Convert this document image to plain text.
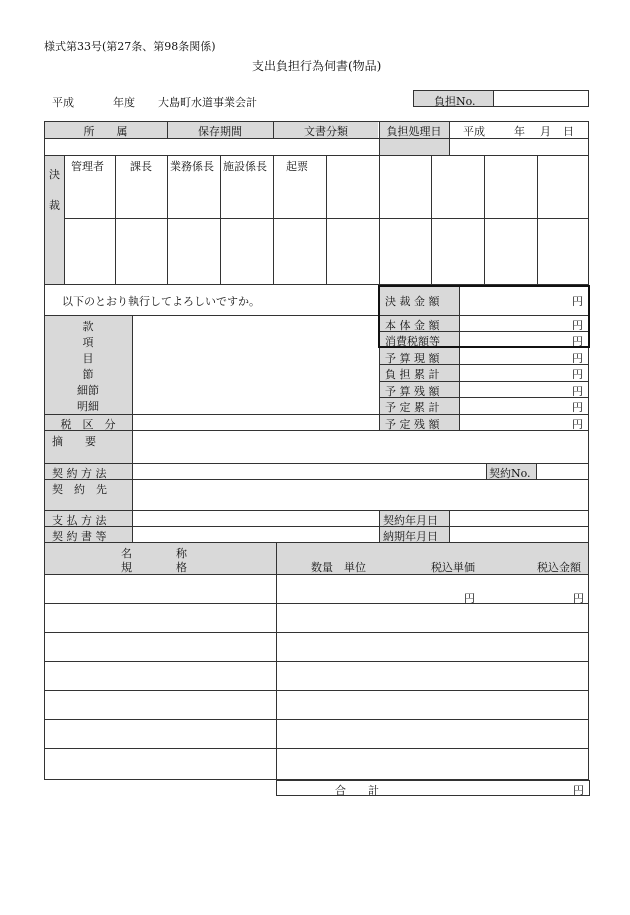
様式第33号(第27条、第98条関係)
支出負担行為伺書(物品)
平成	年度 大島町水道事業会計	負担No.
所　　属	保存期間	文書分類	負担処理日	平成	年 月 日
決
裁
管理者 課長 業務係長 施設係長 起票
以下のとおり執行してよろしいですか。	決 裁 金 額	円
本 体 金 額	円
消費税額等	円
予 算 現 額	円
負 担 累 計	円
予 算 残 額	円
予 定 累 計	円
予 定 残 額	円
款
項
目
節
細節
明細
税　区　分
摘　　要
契 約 方 法	契約No.
契　約　先
支 払 方 法
契 約 書 等
契約年月日
納期年月日
名　　　　称
規　　　　格	数量　単位	税込単価	税込金額
円	円
合　　計	円
